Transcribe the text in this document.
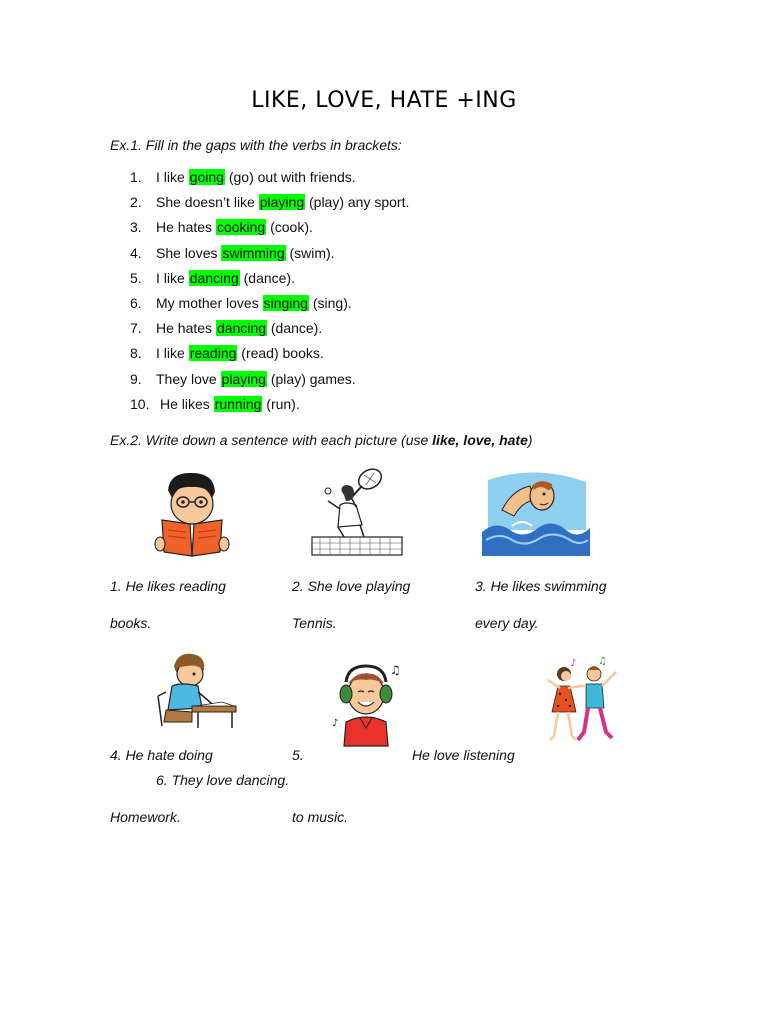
LIKE, LOVE, HATE +ING
Ex.1. Fill in the gaps with the verbs in brackets:
1. I like going (go) out with friends.
2. She doesn’t like playing (play) any sport.
3. He hates cooking (cook).
4. She loves swimming (swim).
5. I like dancing (dance).
6. My mother loves singing (sing).
7. He hates dancing (dance).
8. I like reading (read) books.
9. They love playing (play) games.
10. He likes running (run).
Ex.2. Write down a sentence with each picture (use like, love, hate)
1. He likes reading
books.
2. She love playing
Tennis.
3. He likes swimming
every day.
♫
♪
♪ ♫
4. He hate doing	5.	He love listening
6. They love dancing.
Homework.	to music.
